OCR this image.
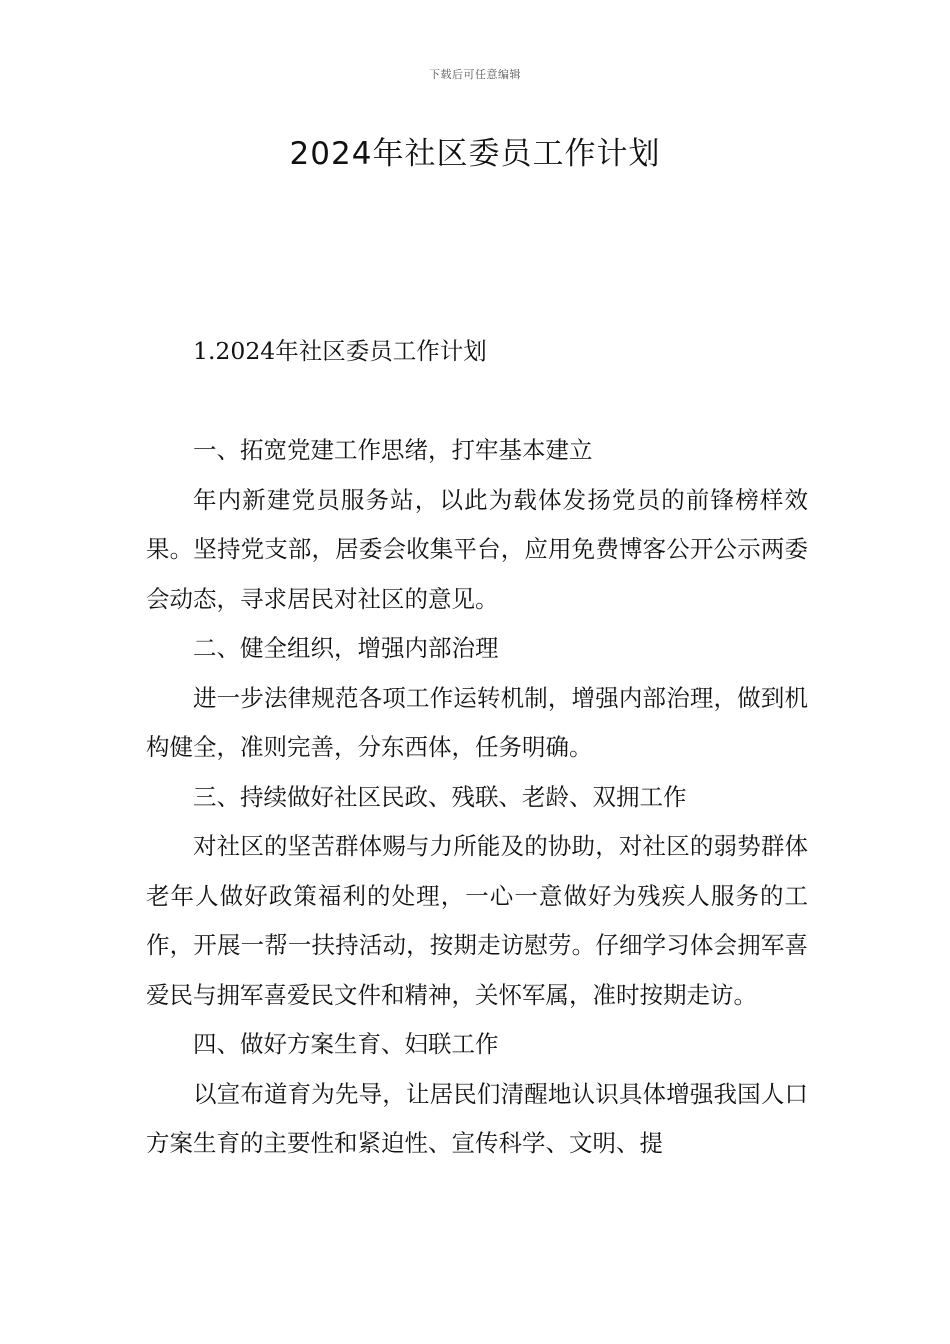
下载后可任意编辑
2024年社区委员工作计划

1.2024年社区委员工作计划

一、拓宽党建工作思绪，打牢基本建立

年内新建党员服务站，以此为载体发扬党员的前锋榜样效果。坚持党支部，居委会收集平台，应用免费博客公开公示两委会动态，寻求居民对社区的意见。

二、健全组织，增强内部治理

进一步法律规范各项工作运转机制，增强内部治理，做到机构健全，准则完善，分东西体，任务明确。

三、持续做好社区民政、残联、老龄、双拥工作

对社区的坚苦群体赐与力所能及的协助，对社区的弱势群体老年人做好政策福利的处理，一心一意做好为残疾人服务的工作，开展一帮一扶持活动，按期走访慰劳。仔细学习体会拥军喜爱民与拥军喜爱民文件和精神，关怀军属，准时按期走访。

四、做好方案生育、妇联工作

以宣布道育为先导，让居民们清醒地认识具体增强我国人口方案生育的主要性和紧迫性、宣传科学、文明、提
